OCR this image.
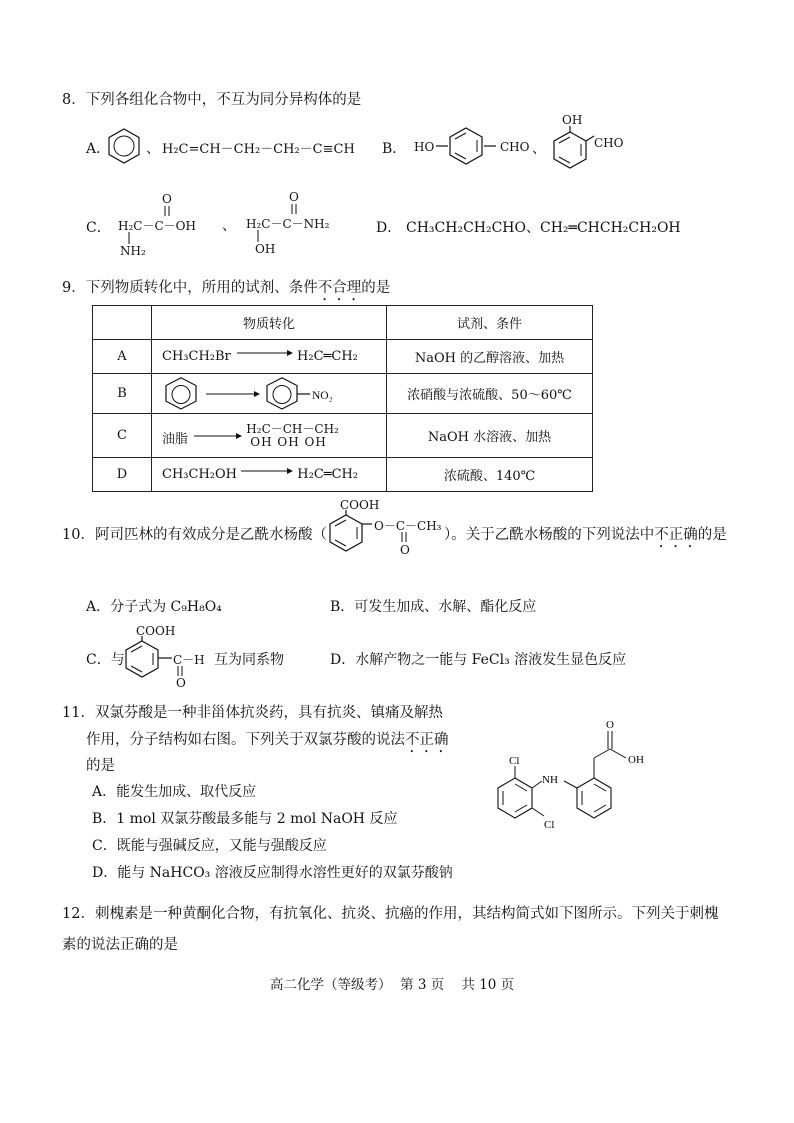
8．下列各组化合物中，不互为同分异构体的是
A．	、 H₂C=CH－CH₂－CH₂－C≡CH B． HO	CHO 、
OH
CHO
C．
O
H₂C－C－OH
NH₂
、
O
H₂C－C－NH₂
OH
D． CH₃CH₂CH₂CHO、CH₂═CHCH₂CH₂OH
9．下列物质转化中，所用的试剂、条件不合理的是
	物质转化	试剂、条件
A	CH₃CH₂Br H₂C═CH₂	NaOH 的乙醇溶液、加热
B	NO₂	浓硝酸与浓硫酸、50～60℃
C	油脂 →
H₂C－CH－CH₂
OH OH OH	NaOH 水溶液、加热
D	CH₃CH₂OH → H₂C═CH₂	浓硫酸、140℃
10．阿司匹林的有效成分是乙酰水杨酸（
COOH
O－C－CH₃
O
）。关于乙酰水杨酸的下列说法中不正确的是
A．分子式为 C₉H₈O₄	B．可发生加成、水解、酯化反应
C．与
COOH
C－H
O
互为同系物	D．水解产物之一能与 FeCl₃ 溶液发生显色反应
11．双氯芬酸是一种非甾体抗炎药，具有抗炎、镇痛及解热
作用，分子结构如右图。下列关于双氯芬酸的说法不正确
的是
A．能发生加成、取代反应
B．1 mol 双氯芬酸最多能与 2 mol NaOH 反应
C．既能与强碱反应，又能与强酸反应
D．能与 NaHCO₃ 溶液反应制得水溶性更好的双氯芬酸钠
O
OH
NH
Cl
Cl
12．刺槐素是一种黄酮化合物，有抗氧化、抗炎、抗癌的作用，其结构简式如下图所示。下列关于刺槐
素的说法正确的是
高二化学（等级考）  第 3 页    共 10 页
